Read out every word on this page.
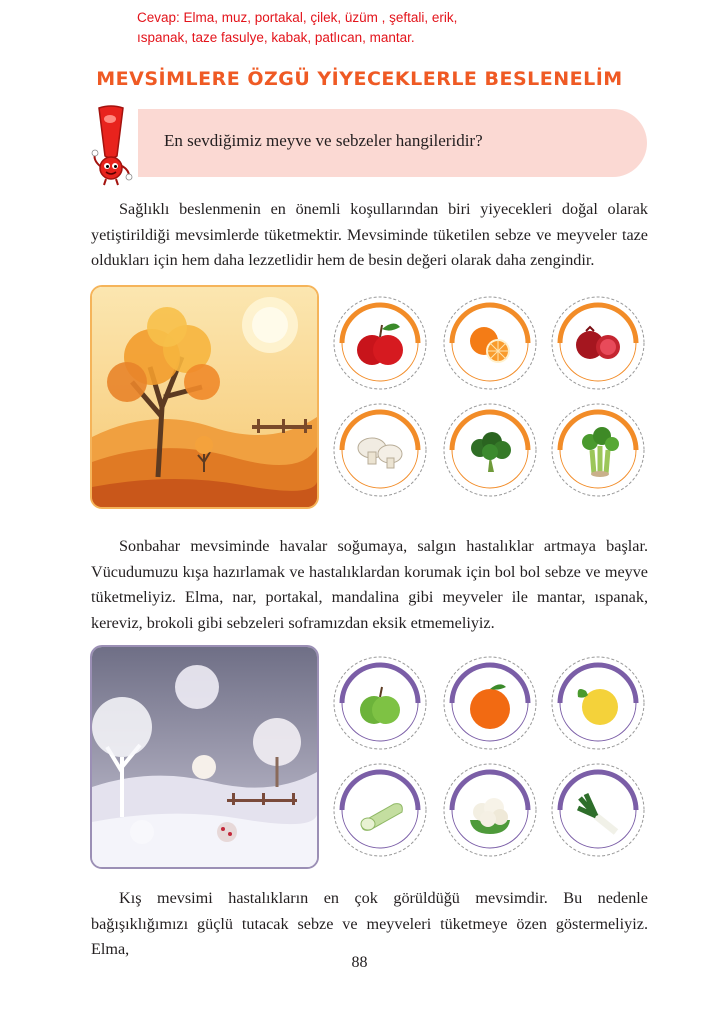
Cevap: Elma, muz, portakal, çilek, üzüm , şeftali, erik,
ıspanak, taze fasulye, kabak, patlıcan, mantar.
MEVSİMLERE ÖZGÜ YİYECEKLERLE BESLENELİM
En sevdiğimiz meyve ve sebzeler hangileridir?
Sağlıklı beslenmenin en önemli koşullarından biri yiyecekleri doğal olarak yetiştirildiği mevsimlerde tüketmektir. Mevsiminde tüketilen sebze ve meyveler taze oldukları için hem daha lezzetlidir hem de besin değeri olarak daha zengindir.
Sonbahar mevsiminde havalar soğumaya, salgın hastalıklar artmaya başlar. Vücudumuzu kışa hazırlamak ve hastalıklardan korumak için bol bol sebze ve meyve tüketmeliyiz. Elma, nar, portakal, mandalina gibi meyveler ile mantar, ıspanak, kereviz, brokoli gibi sebzeleri soframızdan eksik etmemeliyiz.
Kış mevsimi hastalıkların en çok görüldüğü mevsimdir. Bu nedenle bağışıklığımızı güçlü tutacak sebze ve meyveleri tüketmeye özen göstermeliyiz. Elma,
88
